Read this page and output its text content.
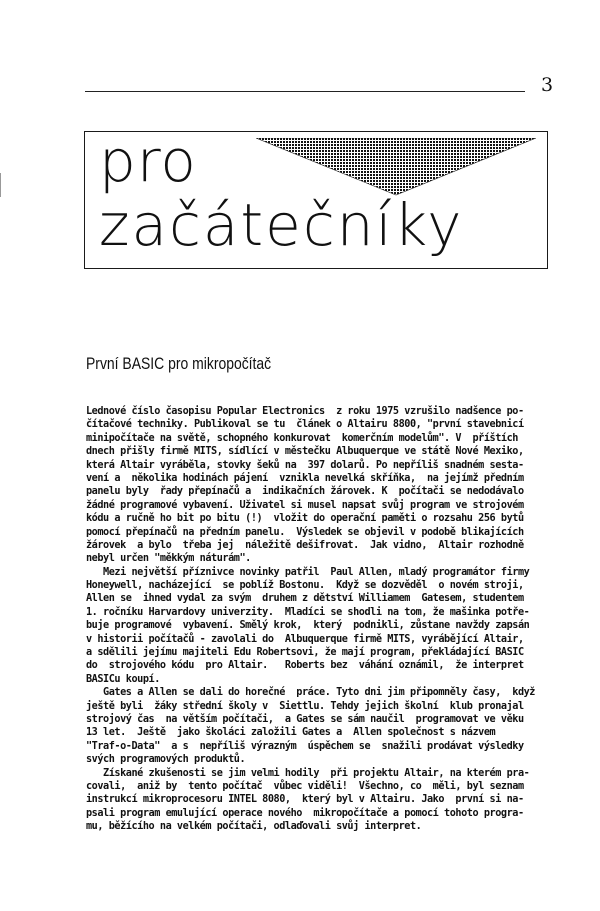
3
pro
začátečníky
První BASIC pro mikropočítač
Lednové číslo časopisu Popular Electronics  z roku 1975 vzrušilo nadšence po-
čítačové techniky. Publikoval se tu  článek o Altairu 8800, "první stavebnicí
minipočítače na světě, schopného konkurovat  komerčním modelům". V  příštích
dnech přišly firmě MITS, sídlící v městečku Albuquerque ve státě Nové Mexiko,
která Altair vyráběla, stovky šeků na  397 dolarů. Po nepříliš snadném sesta-
vení a  několika hodinách pájení  vznikla nevelká skříňka,  na jejímž předním
panelu byly  řady přepínačů a  indikačních žárovek. K  počítači se nedodávalo
žádné programové vybavení. Uživatel si musel napsat svůj program ve strojovém
kódu a ručně ho bit po bitu (!)  vložit do operační paměti o rozsahu 256 bytů
pomocí přepínačů na předním panelu.  Výsledek se objevil v podobě blikajících
žárovek  a bylo  třeba jej  náležitě dešifrovat.  Jak vidno,  Altair rozhodně
nebyl určen "měkkým náturám".
Mezi největší příznivce novinky patřil  Paul Allen, mladý programátor firmy
Honeywell, nacházející  se poblíž Bostonu.  Když se dozvěděl  o novém stroji,
Allen se  ihned vydal za svým  druhem z dětství Williamem  Gatesem, studentem
1. ročníku Harvardovy univerzity.  Mladíci se shodli na tom, že mašinka potře-
buje programové  vybavení. Smělý krok,  který  podnikli, zůstane navždy zapsán
v historii počítačů - zavolali do  Albuquerque firmě MITS, vyrábějící Altair,
a sdělili jejímu majiteli Edu Robertsovi, že mají program, překládající BASIC
do  strojového kódu  pro Altair.   Roberts bez  váhání oznámil,  že interpret
BASICu koupí.
Gates a Allen se dali do horečné  práce. Tyto dni jim připomněly časy,  když
ještě byli  žáky střední školy v  Siettlu. Tehdy jejich školní  klub pronajal
strojový čas  na větším počítači,  a Gates se sám naučil  programovat ve věku
13 let.  Ještě  jako školáci založili Gates a  Allen společnost s názvem
"Traf-o-Data"  a s  nepříliš výrazným  úspěchem se  snažili prodávat výsledky
svých programových produktů.
Získané zkušenosti se jim velmi hodily  při projektu Altair, na kterém pra-
covali,  aniž by  tento počítač  vůbec viděli!  Všechno, co  měli, byl seznam
instrukcí mikroprocesoru INTEL 8080,  který byl v Altairu. Jako  první si na-
psali program emulující operace nového  mikropočítače a pomocí tohoto progra-
mu, běžícího na velkém počítači, odlaďovali svůj interpret.
